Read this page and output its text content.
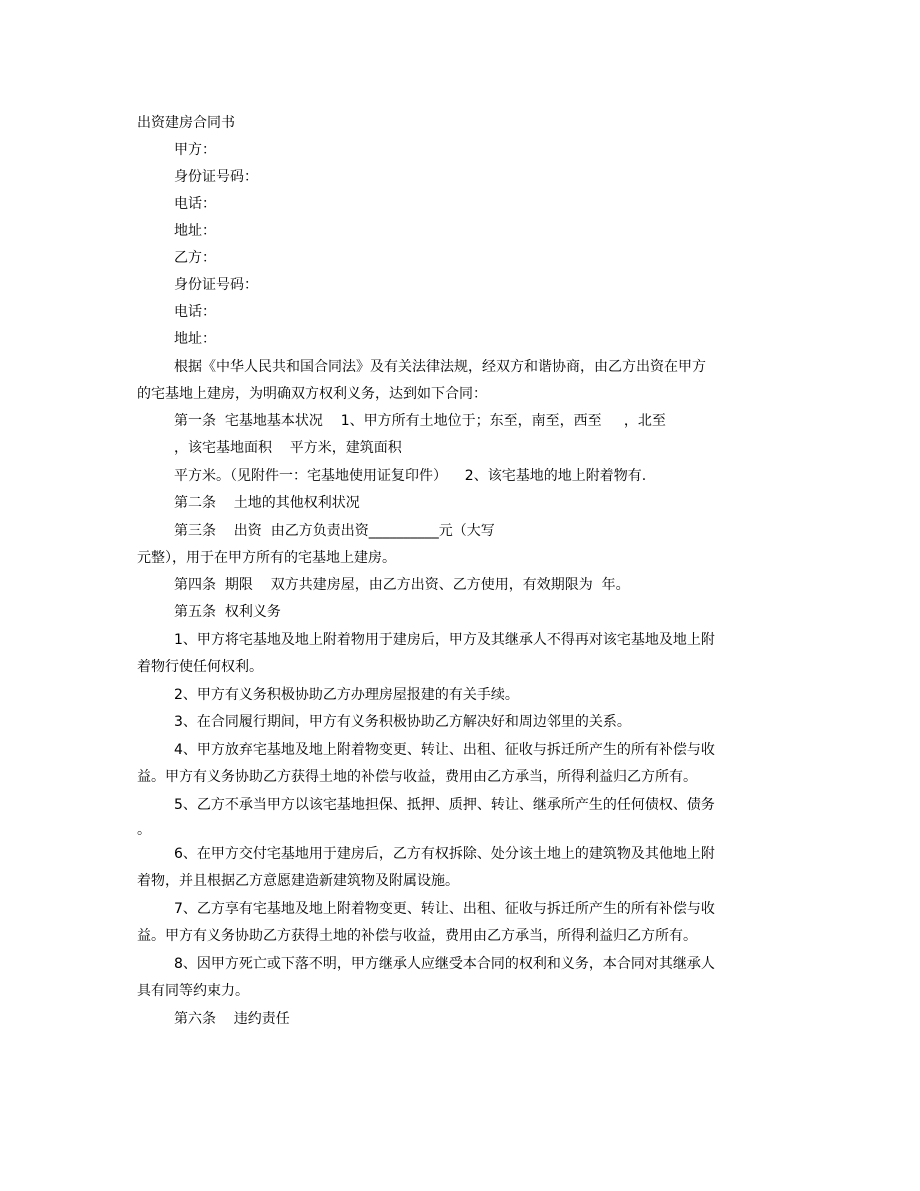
出资建房合同书

甲方：

身份证号码：

电话：

地址：

乙方：

身份证号码：

电话：

地址：

根据《中华人民共和国合同法》及有关法律法规，经双方和谐协商，由乙方出资在甲方

的宅基地上建房，为明确双方权利义务，达到如下合同：

第一条  宅基地基本状况    1、甲方所有土地位于；东至，南至，西至     ，北至

，该宅基地面积    平方米，建筑面积

平方米。（见附件一：宅基地使用证复印件）    2、该宅基地的地上附着物有.

第二条    土地的其他权利状况

第三条    出资  由乙方负责出资__________元（大写

元整），用于在甲方所有的宅基地上建房。

第四条  期限    双方共建房屋，由乙方出资、乙方使用，有效期限为  年。

第五条  权利义务

1、甲方将宅基地及地上附着物用于建房后，甲方及其继承人不得再对该宅基地及地上附

着物行使任何权利。

2、甲方有义务积极协助乙方办理房屋报建的有关手续。

3、在合同履行期间，甲方有义务积极协助乙方解决好和周边邻里的关系。

4、甲方放弃宅基地及地上附着物变更、转让、出租、征收与拆迁所产生的所有补偿与收

益。甲方有义务协助乙方获得土地的补偿与收益，费用由乙方承当，所得利益归乙方所有。

5、乙方不承当甲方以该宅基地担保、抵押、质押、转让、继承所产生的任何债权、债务

。

6、在甲方交付宅基地用于建房后，乙方有权拆除、处分该土地上的建筑物及其他地上附

着物，并且根据乙方意愿建造新建筑物及附属设施。

7、乙方享有宅基地及地上附着物变更、转让、出租、征收与拆迁所产生的所有补偿与收

益。甲方有义务协助乙方获得土地的补偿与收益，费用由乙方承当，所得利益归乙方所有。

8、因甲方死亡或下落不明，甲方继承人应继受本合同的权利和义务，本合同对其继承人

具有同等约束力。

第六条    违约责任
